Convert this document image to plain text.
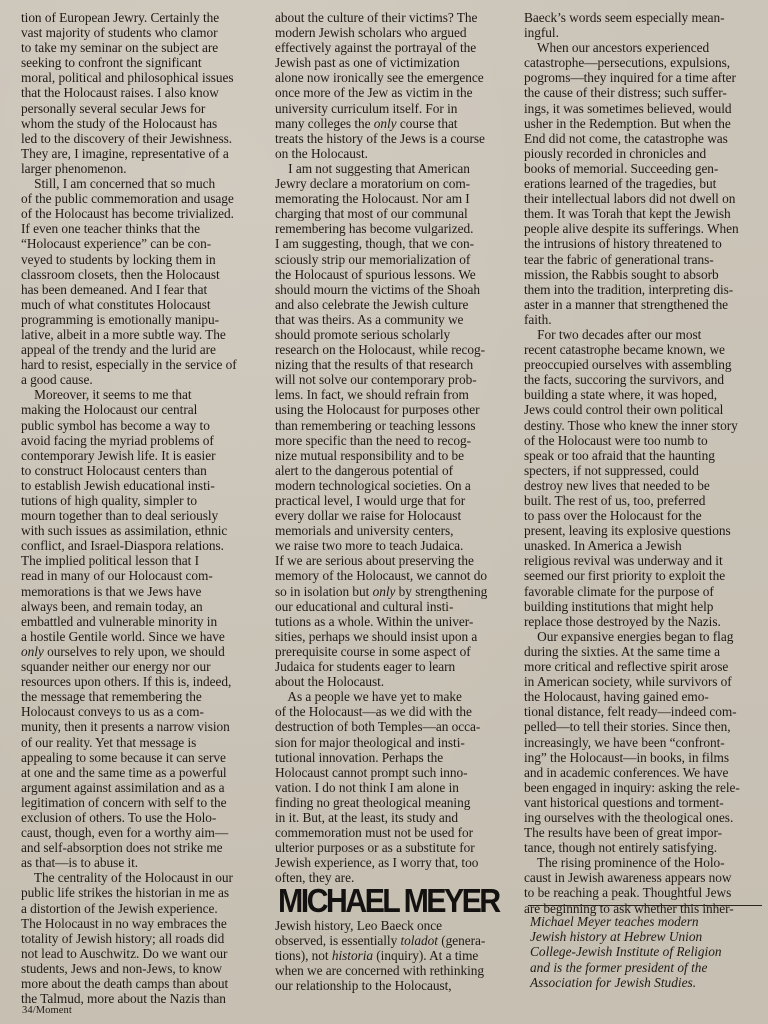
tion of European Jewry. Certainly the

vast majority of students who clamor

to take my seminar on the subject are

seeking to confront the significant

moral, political and philosophical issues

that the Holocaust raises. I also know

personally several secular Jews for

whom the study of the Holocaust has

led to the discovery of their Jewishness.

They are, I imagine, representative of a

larger phenomenon.

Still, I am concerned that so much

of the public commemoration and usage

of the Holocaust has become trivialized.

If even one teacher thinks that the

“Holocaust experience” can be con-

veyed to students by locking them in

classroom closets, then the Holocaust

has been demeaned. And I fear that

much of what constitutes Holocaust

programming is emotionally manipu-

lative, albeit in a more subtle way. The

appeal of the trendy and the lurid are

hard to resist, especially in the service of

a good cause.

Moreover, it seems to me that

making the Holocaust our central

public symbol has become a way to

avoid facing the myriad problems of

contemporary Jewish life. It is easier

to construct Holocaust centers than

to establish Jewish educational insti-

tutions of high quality, simpler to

mourn together than to deal seriously

with such issues as assimilation, ethnic

conflict, and Israel-Diaspora relations.

The implied political lesson that I

read in many of our Holocaust com-

memorations is that we Jews have

always been, and remain today, an

embattled and vulnerable minority in

a hostile Gentile world. Since we have

only ourselves to rely upon, we should

squander neither our energy nor our

resources upon others. If this is, indeed,

the message that remembering the

Holocaust conveys to us as a com-

munity, then it presents a narrow vision

of our reality. Yet that message is

appealing to some because it can serve

at one and the same time as a powerful

argument against assimilation and as a

legitimation of concern with self to the

exclusion of others. To use the Holo-

caust, though, even for a worthy aim—

and self-absorption does not strike me

as that—is to abuse it.

The centrality of the Holocaust in our

public life strikes the historian in me as

a distortion of the Jewish experience.

The Holocaust in no way embraces the

totality of Jewish history; all roads did

not lead to Auschwitz. Do we want our

students, Jews and non-Jews, to know

more about the death camps than about

the Talmud, more about the Nazis than

about the culture of their victims? The

modern Jewish scholars who argued

effectively against the portrayal of the

Jewish past as one of victimization

alone now ironically see the emergence

once more of the Jew as victim in the

university curriculum itself. For in

many colleges the only course that

treats the history of the Jews is a course

on the Holocaust.

I am not suggesting that American

Jewry declare a moratorium on com-

memorating the Holocaust. Nor am I

charging that most of our communal

remembering has become vulgarized.

I am suggesting, though, that we con-

sciously strip our memorialization of

the Holocaust of spurious lessons. We

should mourn the victims of the Shoah

and also celebrate the Jewish culture

that was theirs. As a community we

should promote serious scholarly

research on the Holocaust, while recog-

nizing that the results of that research

will not solve our contemporary prob-

lems. In fact, we should refrain from

using the Holocaust for purposes other

than remembering or teaching lessons

more specific than the need to recog-

nize mutual responsibility and to be

alert to the dangerous potential of

modern technological societies. On a

practical level, I would urge that for

every dollar we raise for Holocaust

memorials and university centers,

we raise two more to teach Judaica.

If we are serious about preserving the

memory of the Holocaust, we cannot do

so in isolation but only by strengthening

our educational and cultural insti-

tutions as a whole. Within the univer-

sities, perhaps we should insist upon a

prerequisite course in some aspect of

Judaica for students eager to learn

about the Holocaust.

As a people we have yet to make

of the Holocaust—as we did with the

destruction of both Temples—an occa-

sion for major theological and insti-

tutional innovation. Perhaps the

Holocaust cannot prompt such inno-

vation. I do not think I am alone in

finding no great theological meaning

in it. But, at the least, its study and

commemoration must not be used for

ulterior purposes or as a substitute for

Jewish experience, as I worry that, too

often, they are.

Baeck’s words seem especially mean-

ingful.

When our ancestors experienced

catastrophe—persecutions, expulsions,

pogroms—they inquired for a time after

the cause of their distress; such suffer-

ings, it was sometimes believed, would

usher in the Redemption. But when the

End did not come, the catastrophe was

piously recorded in chronicles and

books of memorial. Succeeding gen-

erations learned of the tragedies, but

their intellectual labors did not dwell on

them. It was Torah that kept the Jewish

people alive despite its sufferings. When

the intrusions of history threatened to

tear the fabric of generational trans-

mission, the Rabbis sought to absorb

them into the tradition, interpreting dis-

aster in a manner that strengthened the

faith.

For two decades after our most

recent catastrophe became known, we

preoccupied ourselves with assembling

the facts, succoring the survivors, and

building a state where, it was hoped,

Jews could control their own political

destiny. Those who knew the inner story

of the Holocaust were too numb to

speak or too afraid that the haunting

specters, if not suppressed, could

destroy new lives that needed to be

built. The rest of us, too, preferred

to pass over the Holocaust for the

present, leaving its explosive questions

unasked. In America a Jewish

religious revival was underway and it

seemed our first priority to exploit the

favorable climate for the purpose of

building institutions that might help

replace those destroyed by the Nazis.

Our expansive energies began to flag

during the sixties. At the same time a

more critical and reflective spirit arose

in American society, while survivors of

the Holocaust, having gained emo-

tional distance, felt ready—indeed com-

pelled—to tell their stories. Since then,

increasingly, we have been “confront-

ing” the Holocaust—in books, in films

and in academic conferences. We have

been engaged in inquiry: asking the rele-

vant historical questions and torment-

ing ourselves with the theological ones.

The results have been of great impor-

tance, though not entirely satisfying.

The rising prominence of the Holo-

caust in Jewish awareness appears now

to be reaching a peak. Thoughtful Jews

are beginning to ask whether this inher-

MICHAEL MEYER

Jewish history, Leo Baeck once

observed, is essentially toladot (genera-

tions), not historia (inquiry). At a time

when we are concerned with rethinking

our relationship to the Holocaust,

Michael Meyer teaches modern

Jewish history at Hebrew Union

College-Jewish Institute of Religion

and is the former president of the

Association for Jewish Studies.

34/Moment
